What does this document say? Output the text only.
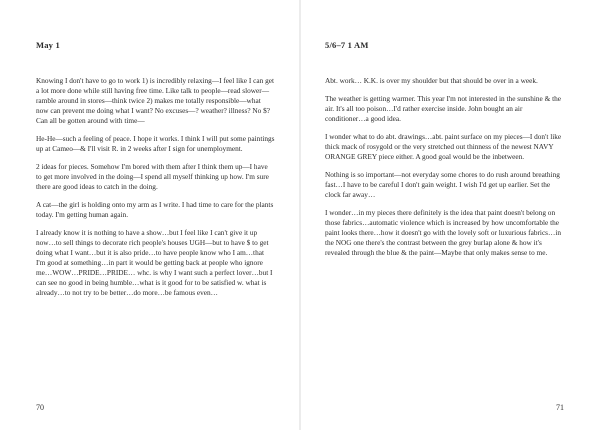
May 1

Knowing I don't have to go to work 1) is incredibly relaxing—I feel like I can get a lot more done while still having free time. Like talk to people—read slower—ramble around in stores—think twice 2) makes me totally responsible—what now can prevent me doing what I want? No excuses—? weather? illness? No $? Can all be gotten around with time—

He-He—such a feeling of peace. I hope it works. I think I will put some paintings up at Cameo—& I'll visit R. in 2 weeks after I sign for unemployment.

2 ideas for pieces. Somehow I'm bored with them after I think them up—I have to get more involved in the doing—I spend all myself thinking up how. I'm sure there are good ideas to catch in the doing.

A cat—the girl is holding onto my arm as I write. I had time to care for the plants today. I'm getting human again.

I already know it is nothing to have a show…but I feel like I can't give it up now…to sell things to decorate rich people's houses UGH—but to have $ to get doing what I want…but it is also pride…to have people know who I am…that I'm good at something…in part it would be getting back at people who ignore me…WOW…PRIDE…PRIDE… whc. is why I want such a perfect lover…but I can see no good in being humble…what is it good for to be satisfied w. what is already…to not try to be better…do more…be famous even…

70
5/6–7 1 AM

Abt. work… K.K. is over my shoulder but that should be over in a week.

The weather is getting warmer. This year I'm not interested in the sunshine & the air. It's all too poison…I'd rather exercise inside. John bought an air conditioner…a good idea.

I wonder what to do abt. drawings…abt. paint surface on my pieces—I don't like thick mack of rosygold or the very stretched out thinness of the newest NAVY ORANGE GREY piece either. A good goal would be the inbetween.

Nothing is so important—not everyday some chores to do rush around breathing fast…I have to be careful I don't gain weight. I wish I'd get up earlier. Set the clock far away…

I wonder…in my pieces there definitely is the idea that paint doesn't belong on those fabrics…automatic violence which is increased by how uncomfortable the paint looks there…how it doesn't go with the lovely soft or luxurious fabrics…in the NOG one there's the contrast between the grey burlap alone & how it's revealed through the blue & the paint—Maybe that only makes sense to me.

71
